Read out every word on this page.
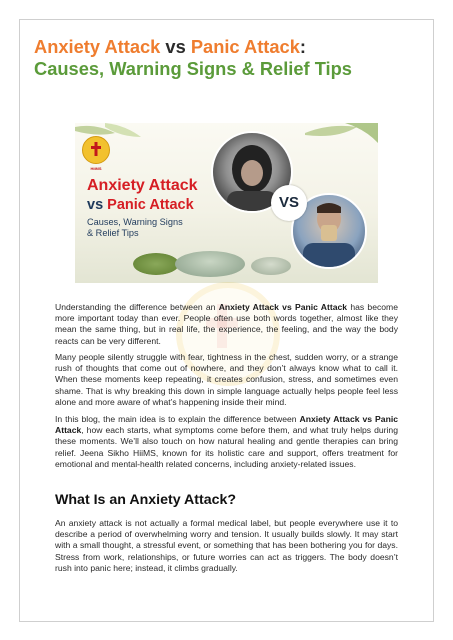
Anxiety Attack vs Panic Attack:
Causes, Warning Signs & Relief Tips
HiiMS
Anxiety Attack
vs Panic Attack
Causes, Warning Signs
& Relief Tips
VS
Understanding the difference between an Anxiety Attack vs Panic Attack has become more important today than ever. People often use both words together, almost like they mean the same thing, but in real life, the experience, the feeling, and the way the body reacts can be very different.
Many people silently struggle with fear, tightness in the chest, sudden worry, or a strange rush of thoughts that come out of nowhere, and they don’t always know what to call it. When these moments keep repeating, it creates confusion, stress, and sometimes even shame. That is why breaking this down in simple language actually helps people feel less alone and more aware of what’s happening inside their mind.
In this blog, the main idea is to explain the difference between Anxiety Attack vs Panic Attack, how each starts, what symptoms come before them, and what truly helps during these moments. We’ll also touch on how natural healing and gentle therapies can bring relief. Jeena Sikho HiiMS, known for its holistic care and support, offers treatment for emotional and mental-health related concerns, including anxiety-related issues.
What Is an Anxiety Attack?
An anxiety attack is not actually a formal medical label, but people everywhere use it to describe a period of overwhelming worry and tension. It usually builds slowly. It may start with a small thought, a stressful event, or something that has been bothering you for days. Stress from work, relationships, or future worries can act as triggers. The body doesn’t rush into panic here; instead, it climbs gradually.
